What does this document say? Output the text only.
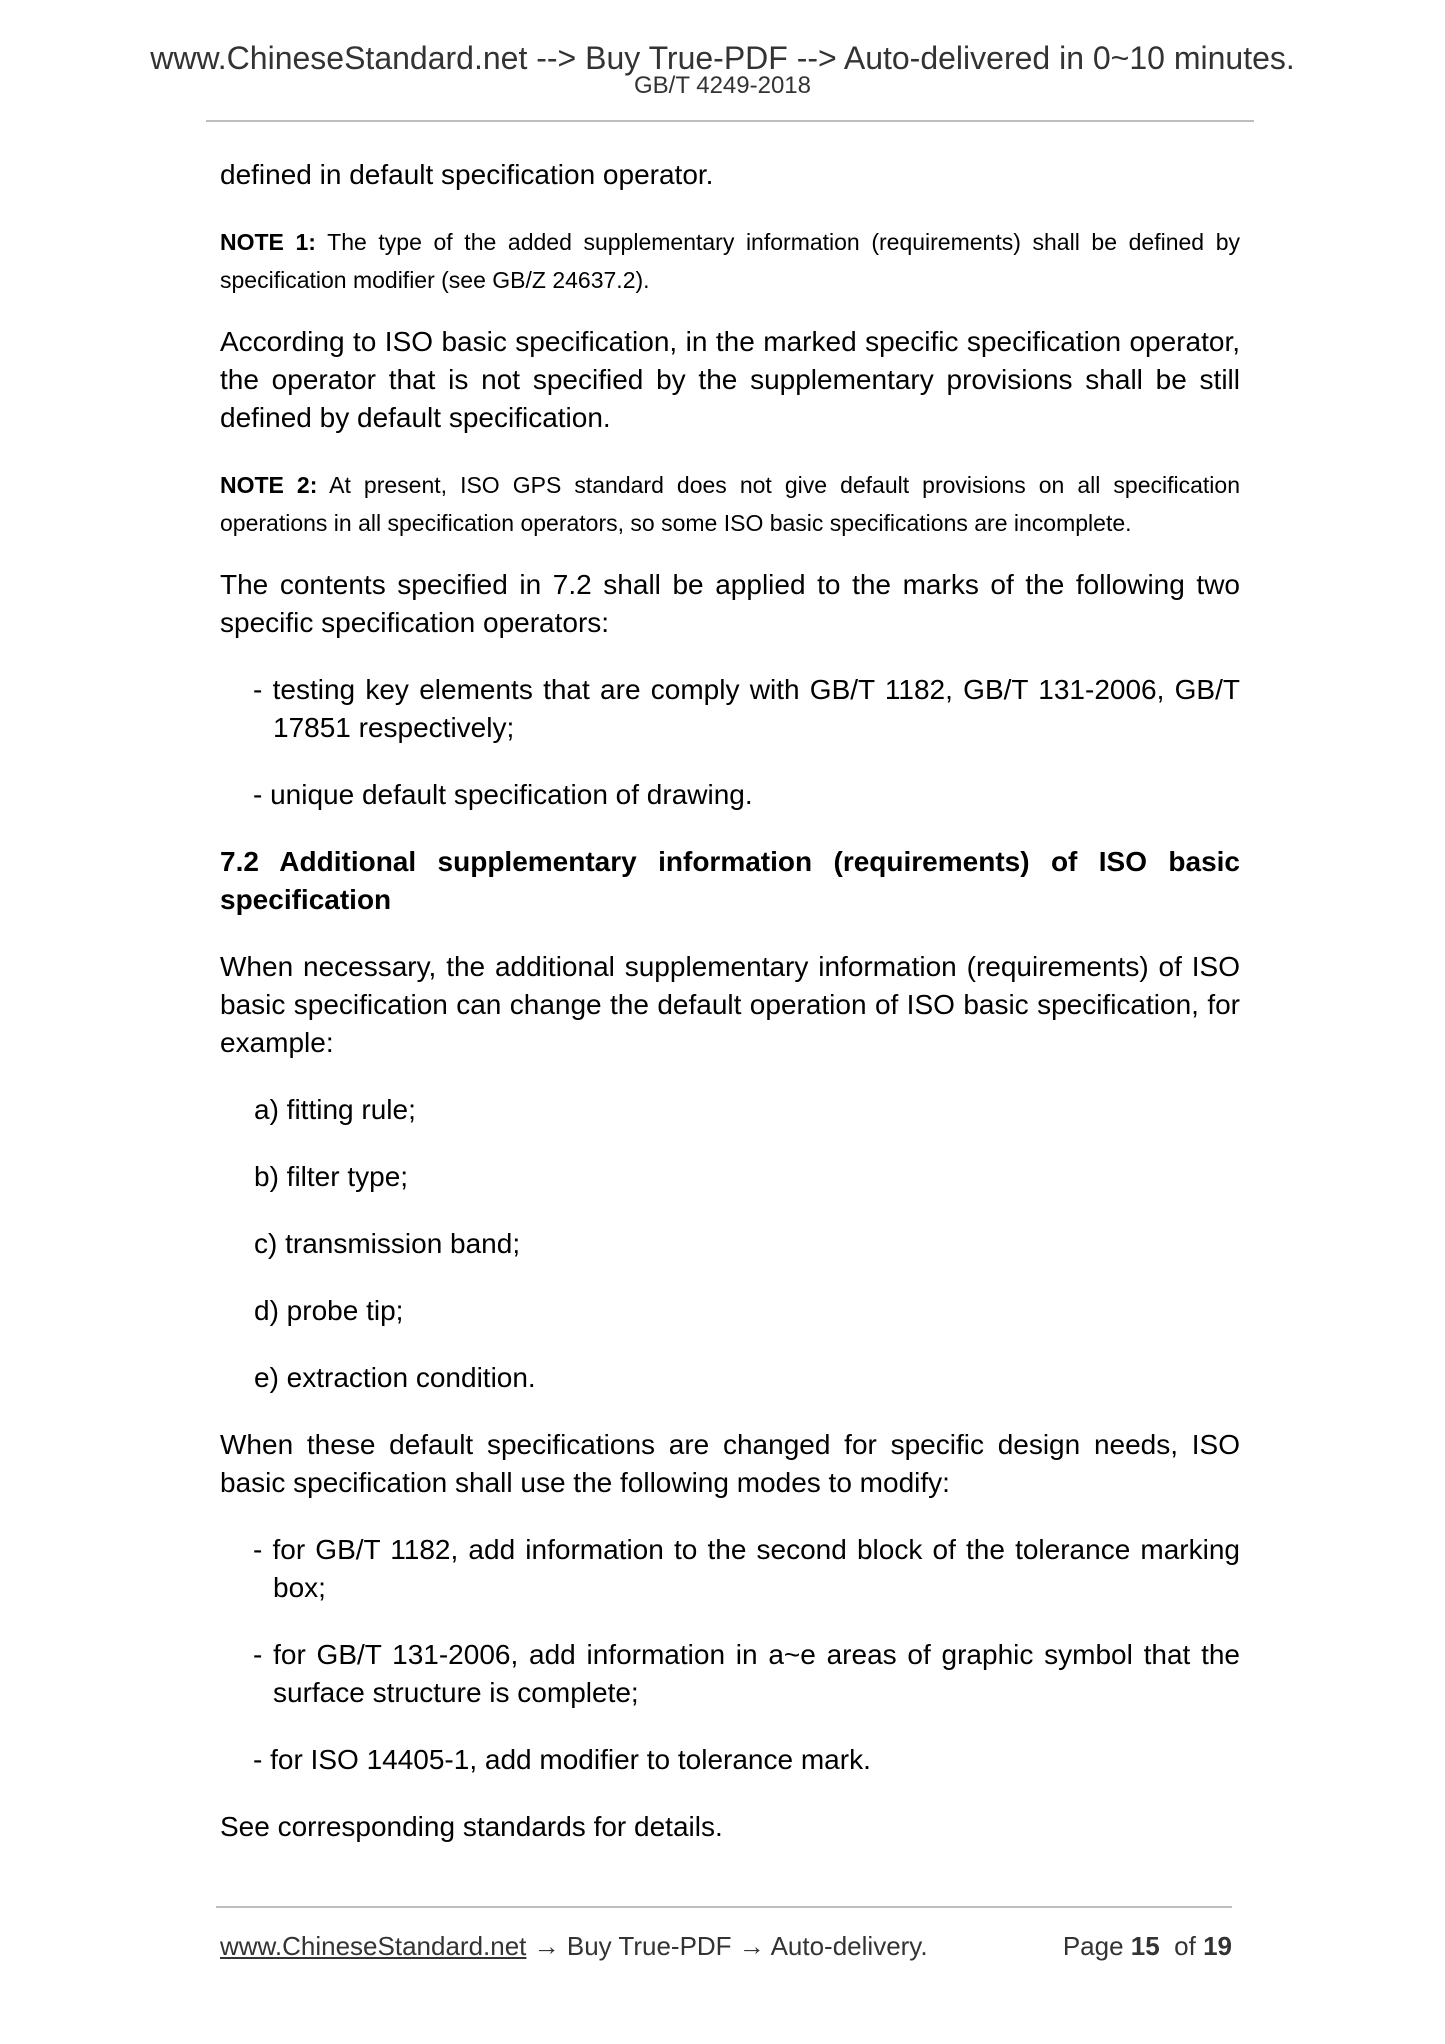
www.ChineseStandard.net --> Buy True-PDF --> Auto-delivered in 0~10 minutes.
GB/T 4249-2018

defined in default specification operator.

NOTE 1: The type of the added supplementary information (requirements) shall be defined by specification modifier (see GB/Z 24637.2).

According to ISO basic specification, in the marked specific specification operator, the operator that is not specified by the supplementary provisions shall be still defined by default specification.

NOTE 2: At present, ISO GPS standard does not give default provisions on all specification operations in all specification operators, so some ISO basic specifications are incomplete.

The contents specified in 7.2 shall be applied to the marks of the following two specific specification operators:

- testing key elements that are comply with GB/T 1182, GB/T 131-2006, GB/T 17851 respectively;

- unique default specification of drawing.

7.2 Additional supplementary information (requirements) of ISO basic specification

When necessary, the additional supplementary information (requirements) of ISO basic specification can change the default operation of ISO basic specification, for example:

a) fitting rule;

b) filter type;

c) transmission band;

d) probe tip;

e) extraction condition.

When these default specifications are changed for specific design needs, ISO basic specification shall use the following modes to modify:

- for GB/T 1182, add information to the second block of the tolerance marking box;

- for GB/T 131-2006, add information in a~e areas of graphic symbol that the surface structure is complete;

- for ISO 14405-1, add modifier to tolerance mark.

See corresponding standards for details.

www.ChineseStandard.net → Buy True-PDF → Auto-delivery.	Page 15 of 19
